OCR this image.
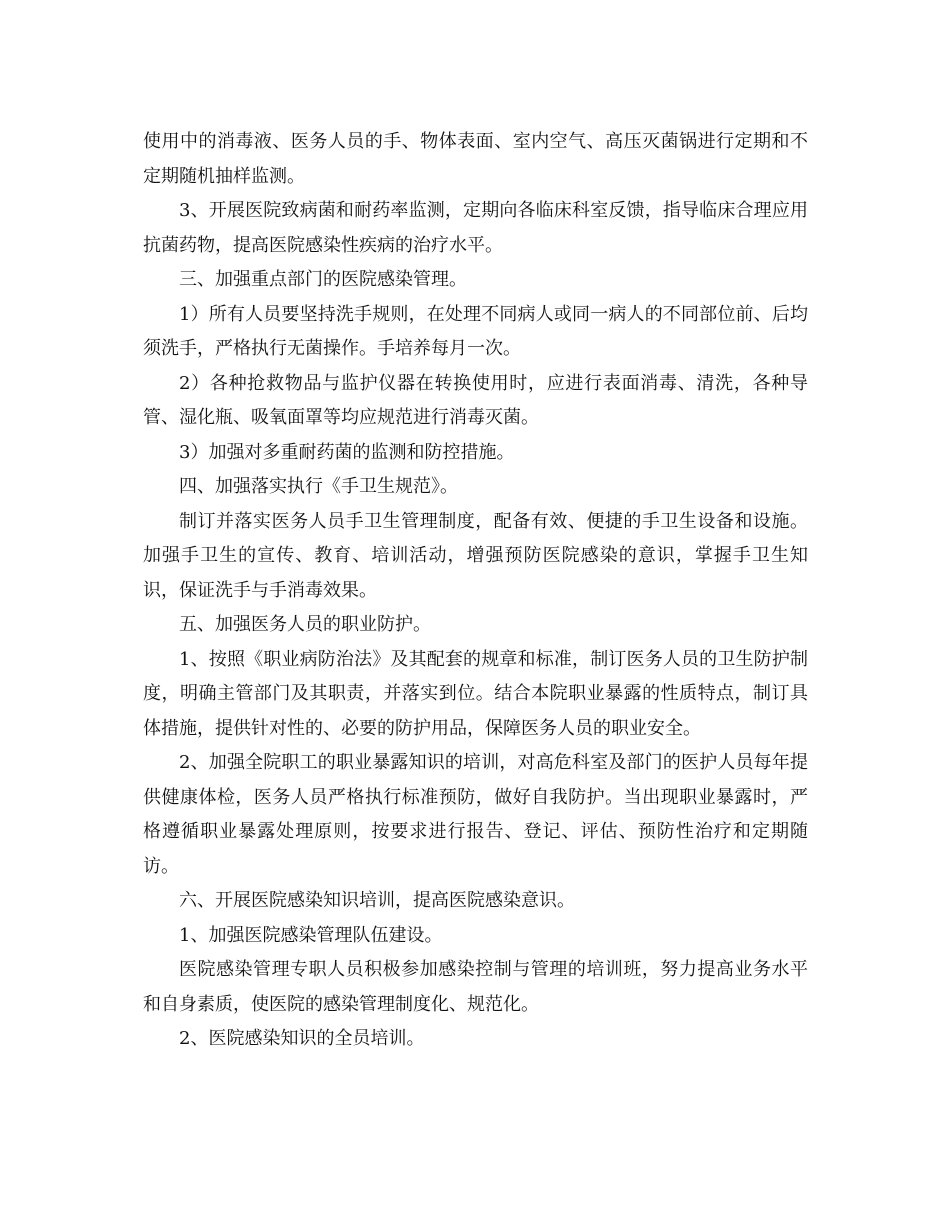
使用中的消毒液、医务人员的手、物体表面、室内空气、高压灭菌锅进行定期和不定期随机抽样监测。

3、开展医院致病菌和耐药率监测，定期向各临床科室反馈，指导临床合理应用抗菌药物，提高医院感染性疾病的治疗水平。

三、加强重点部门的医院感染管理。

1）所有人员要坚持洗手规则，在处理不同病人或同一病人的不同部位前、后均须洗手，严格执行无菌操作。手培养每月一次。

2）各种抢救物品与监护仪器在转换使用时，应进行表面消毒、清洗，各种导管、湿化瓶、吸氧面罩等均应规范进行消毒灭菌。

3）加强对多重耐药菌的监测和防控措施。

四、加强落实执行《手卫生规范》。

制订并落实医务人员手卫生管理制度，配备有效、便捷的手卫生设备和设施。加强手卫生的宣传、教育、培训活动，增强预防医院感染的意识，掌握手卫生知识，保证洗手与手消毒效果。

五、加强医务人员的职业防护。

1、按照《职业病防治法》及其配套的规章和标准，制订医务人员的卫生防护制度，明确主管部门及其职责，并落实到位。结合本院职业暴露的性质特点，制订具体措施，提供针对性的、必要的防护用品，保障医务人员的职业安全。

2、加强全院职工的职业暴露知识的培训，对高危科室及部门的医护人员每年提供健康体检，医务人员严格执行标准预防，做好自我防护。当出现职业暴露时，严格遵循职业暴露处理原则，按要求进行报告、登记、评估、预防性治疗和定期随访。

六、开展医院感染知识培训，提高医院感染意识。

1、加强医院感染管理队伍建设。

医院感染管理专职人员积极参加感染控制与管理的培训班，努力提高业务水平和自身素质，使医院的感染管理制度化、规范化。

2、医院感染知识的全员培训。
